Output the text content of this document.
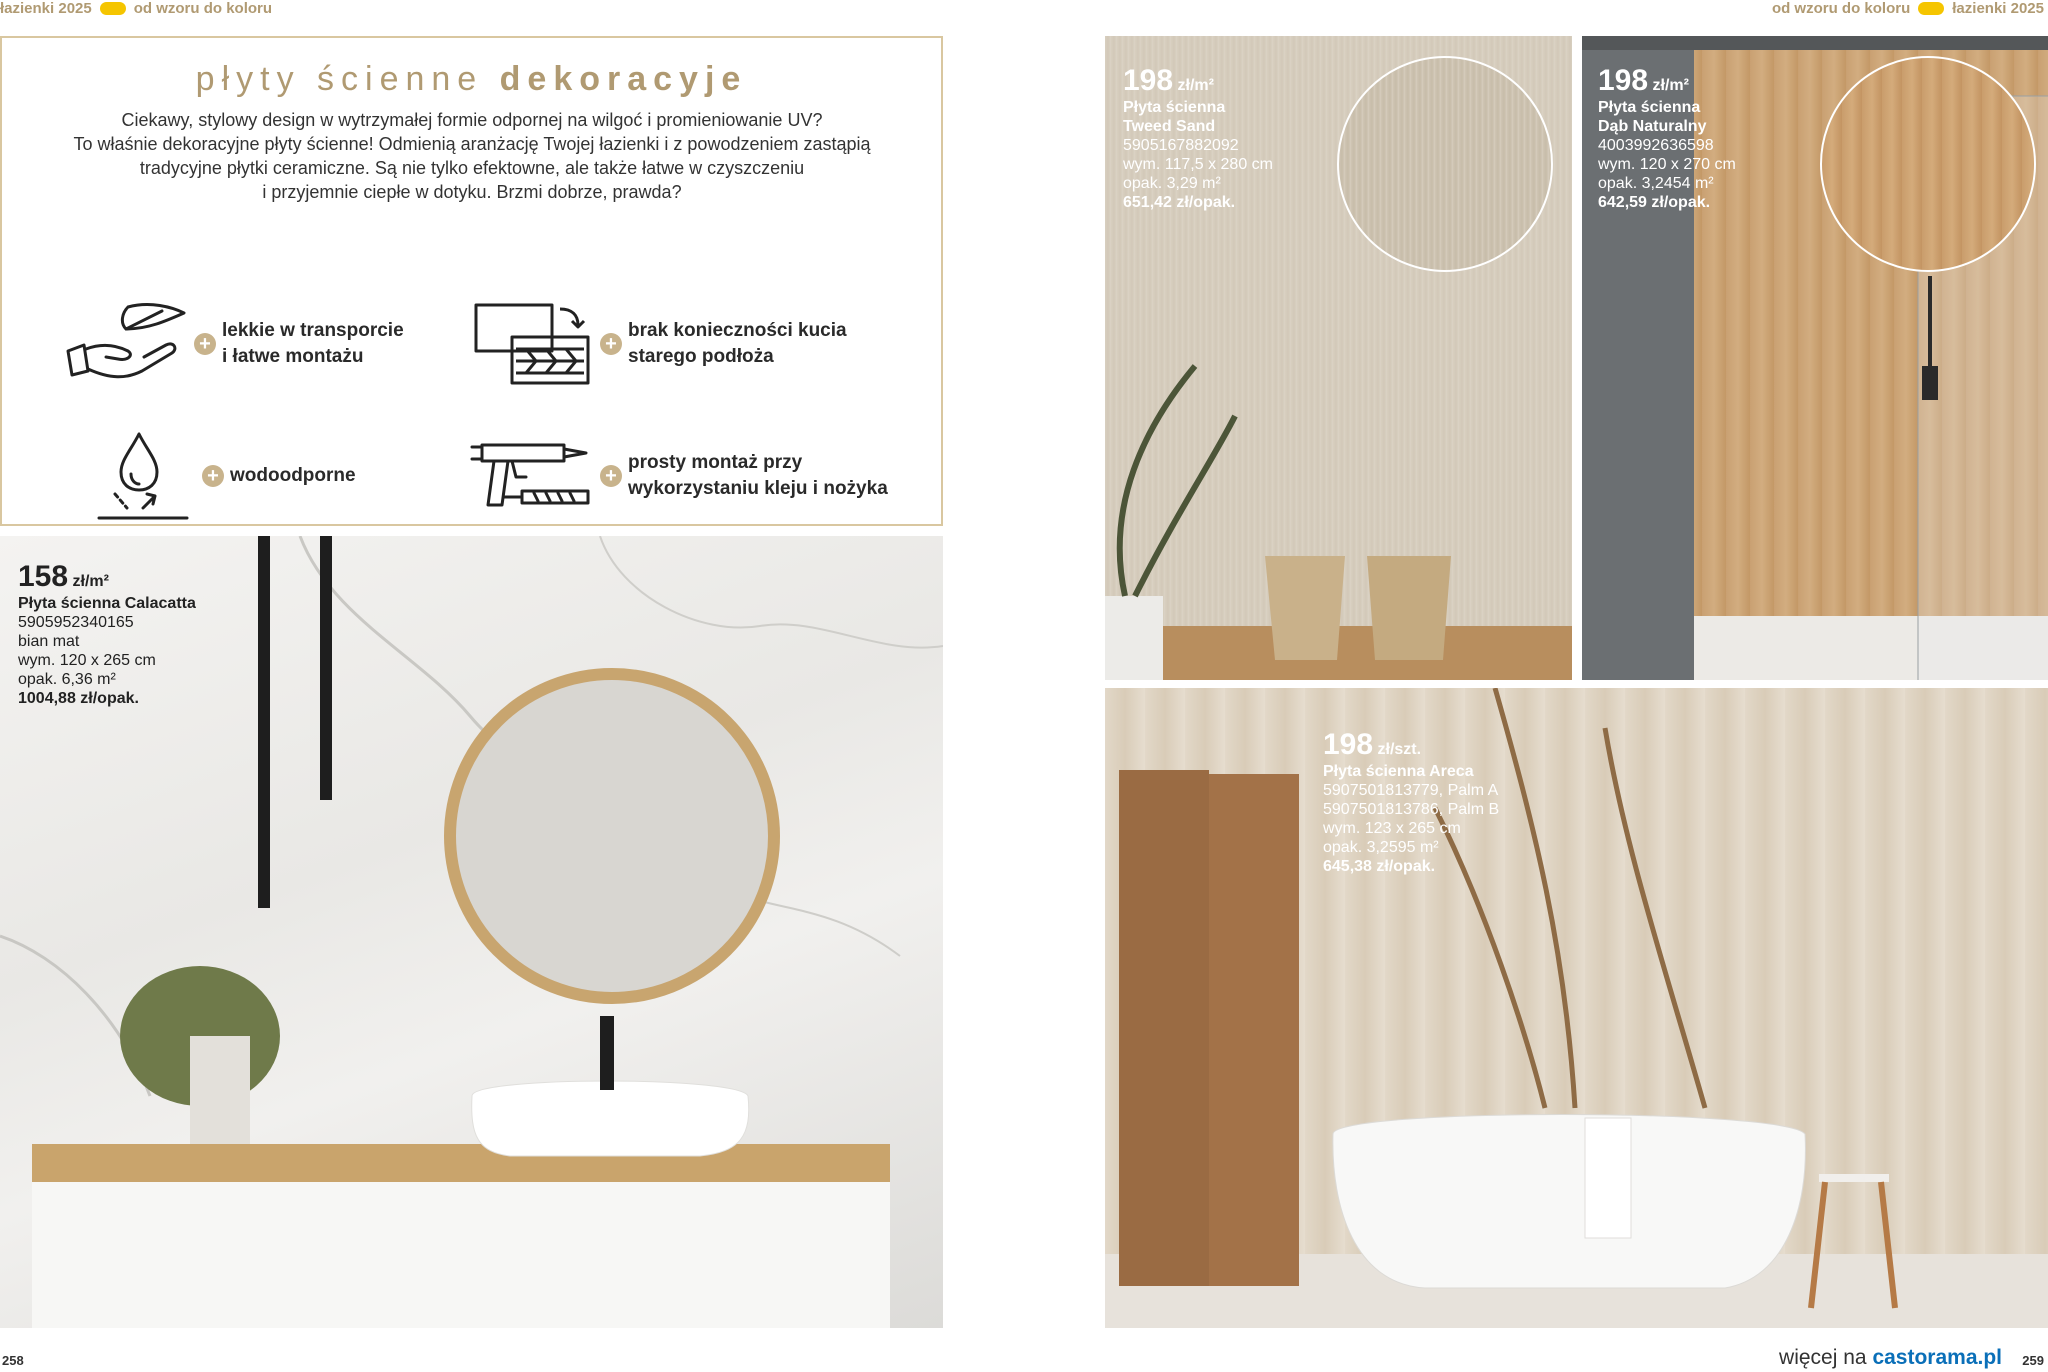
łazienki 2025	od wzoru do koloru	od wzoru do koloru	łazienki 2025
płyty ścienne dekoracyje

Ciekawy, stylowy design w wytrzymałej formie odpornej na wilgoć i promieniowanie UV?

To właśnie dekoracyjne płyty ścienne! Odmienią aranżację Twojej łazienki i z powodzeniem zastąpią

tradycyjne płytki ceramiczne. Są nie tylko efektowne, ale także łatwe w czyszczeniu

i przyjemnie ciepłe w dotyku. Brzmi dobrze, prawda?

+
lekkie w transporcie
i łatwe montażu
+
brak konieczności kucia
starego podłoża
+ wodoodporne	+
prosty montaż przy
wykorzystaniu kleju i nożyka
158 zł/m²
Płyta ścienna Calacatta
5905952340165
bian mat
wym. 120 x 265 cm
opak. 6,36 m²
1004,88 zł/opak.
198 zł/m²
Płyta ścienna
Tweed Sand
5905167882092
wym. 117,5 x 280 cm
opak. 3,29 m²
651,42 zł/opak.
198 zł/m²
Płyta ścienna
Dąb Naturalny
4003992636598
wym. 120 x 270 cm
opak. 3,2454 m²
642,59 zł/opak.
198 zł/szt.
Płyta ścienna Areca
5907501813779, Palm A
5907501813786, Palm B
wym. 123 x 265 cm
opak. 3,2595 m²
645,38 zł/opak.
258	więcej na castorama.pl 259
